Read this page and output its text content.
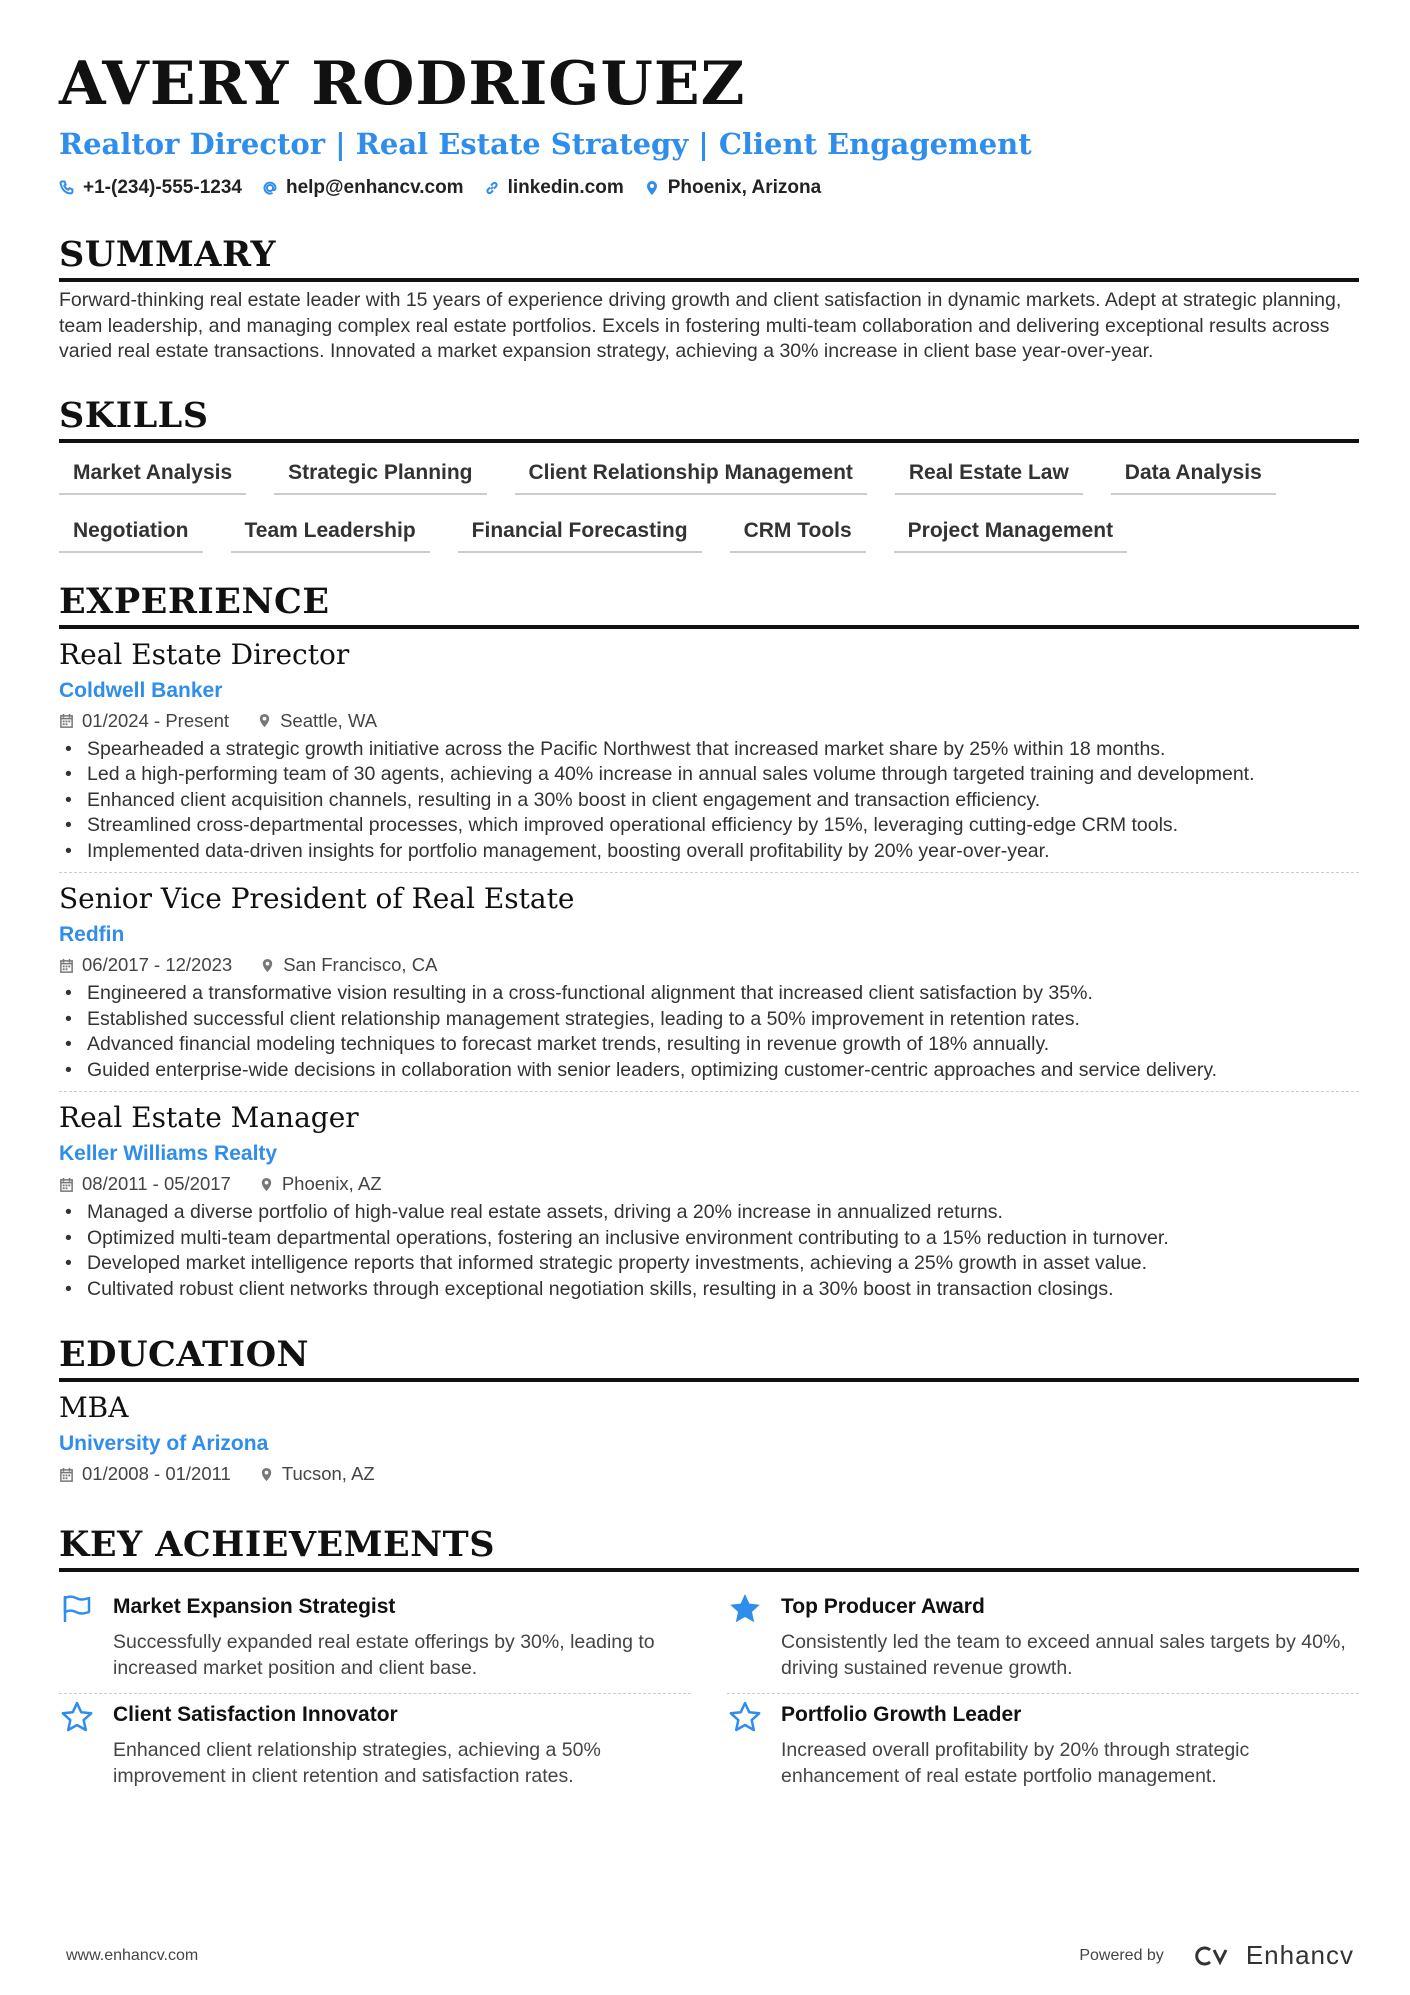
AVERY RODRIGUEZ
Realtor Director | Real Estate Strategy | Client Engagement
+1-(234)-555-1234 help@enhancv.com linkedin.com Phoenix, Arizona
SUMMARY

Forward-thinking real estate leader with 15 years of experience driving growth and client satisfaction in dynamic markets. Adept at strategic planning, team leadership, and managing complex real estate portfolios. Excels in fostering multi-team collaboration and delivering exceptional results across varied real estate transactions. Innovated a market expansion strategy, achieving a 30% increase in client base year-over-year.

SKILLS
Market Analysis	Strategic Planning	Client Relationship Management	Real Estate Law	Data Analysis
Negotiation	Team Leadership	Financial Forecasting	CRM Tools	Project Management
EXPERIENCE
Real Estate Director
Coldwell Banker
01/2024 - Present	Seattle, WA
• Spearheaded a strategic growth initiative across the Pacific Northwest that increased market share by 25% within 18 months.
• Led a high-performing team of 30 agents, achieving a 40% increase in annual sales volume through targeted training and development.
• Enhanced client acquisition channels, resulting in a 30% boost in client engagement and transaction efficiency.
• Streamlined cross-departmental processes, which improved operational efficiency by 15%, leveraging cutting-edge CRM tools.
• Implemented data-driven insights for portfolio management, boosting overall profitability by 20% year-over-year.
Senior Vice President of Real Estate
Redfin
06/2017 - 12/2023	San Francisco, CA
• Engineered a transformative vision resulting in a cross-functional alignment that increased client satisfaction by 35%.
• Established successful client relationship management strategies, leading to a 50% improvement in retention rates.
• Advanced financial modeling techniques to forecast market trends, resulting in revenue growth of 18% annually.
• Guided enterprise-wide decisions in collaboration with senior leaders, optimizing customer-centric approaches and service delivery.
Real Estate Manager
Keller Williams Realty
08/2011 - 05/2017	Phoenix, AZ
• Managed a diverse portfolio of high-value real estate assets, driving a 20% increase in annualized returns.
• Optimized multi-team departmental operations, fostering an inclusive environment contributing to a 15% reduction in turnover.
• Developed market intelligence reports that informed strategic property investments, achieving a 25% growth in asset value.
• Cultivated robust client networks through exceptional negotiation skills, resulting in a 30% boost in transaction closings.
EDUCATION
MBA
University of Arizona
01/2008 - 01/2011	Tucson, AZ
KEY ACHIEVEMENTS
Market Expansion Strategist
Successfully expanded real estate offerings by 30%, leading to increased market position and client base.
Top Producer Award
Consistently led the team to exceed annual sales targets by 40%, driving sustained revenue growth.
Client Satisfaction Innovator
Enhanced client relationship strategies, achieving a 50% improvement in client retention and satisfaction rates.
Portfolio Growth Leader
Increased overall profitability by 20% through strategic enhancement of real estate portfolio management.
www.enhancv.com	Powered by	Enhancv
